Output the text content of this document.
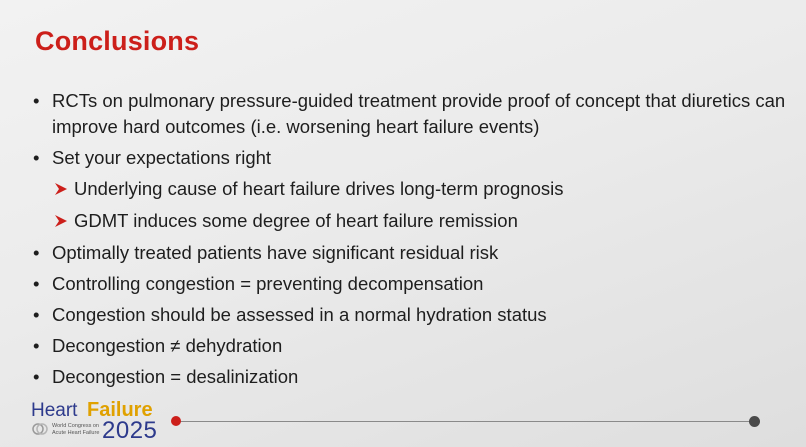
Conclusions
• RCTs on pulmonary pressure-guided treatment provide proof of concept that diuretics can improve hard outcomes (i.e. worsening heart failure events)
• Set your expectations right
Underlying cause of heart failure drives long-term prognosis
GDMT induces some degree of heart failure remission
• Optimally treated patients have significant residual risk
• Controlling congestion = preventing decompensation
• Congestion should be assessed in a normal hydration status
• Decongestion ≠ dehydration
• Decongestion = desalinization
Heart Failure
World Congress on Acute Heart Failure 2025
